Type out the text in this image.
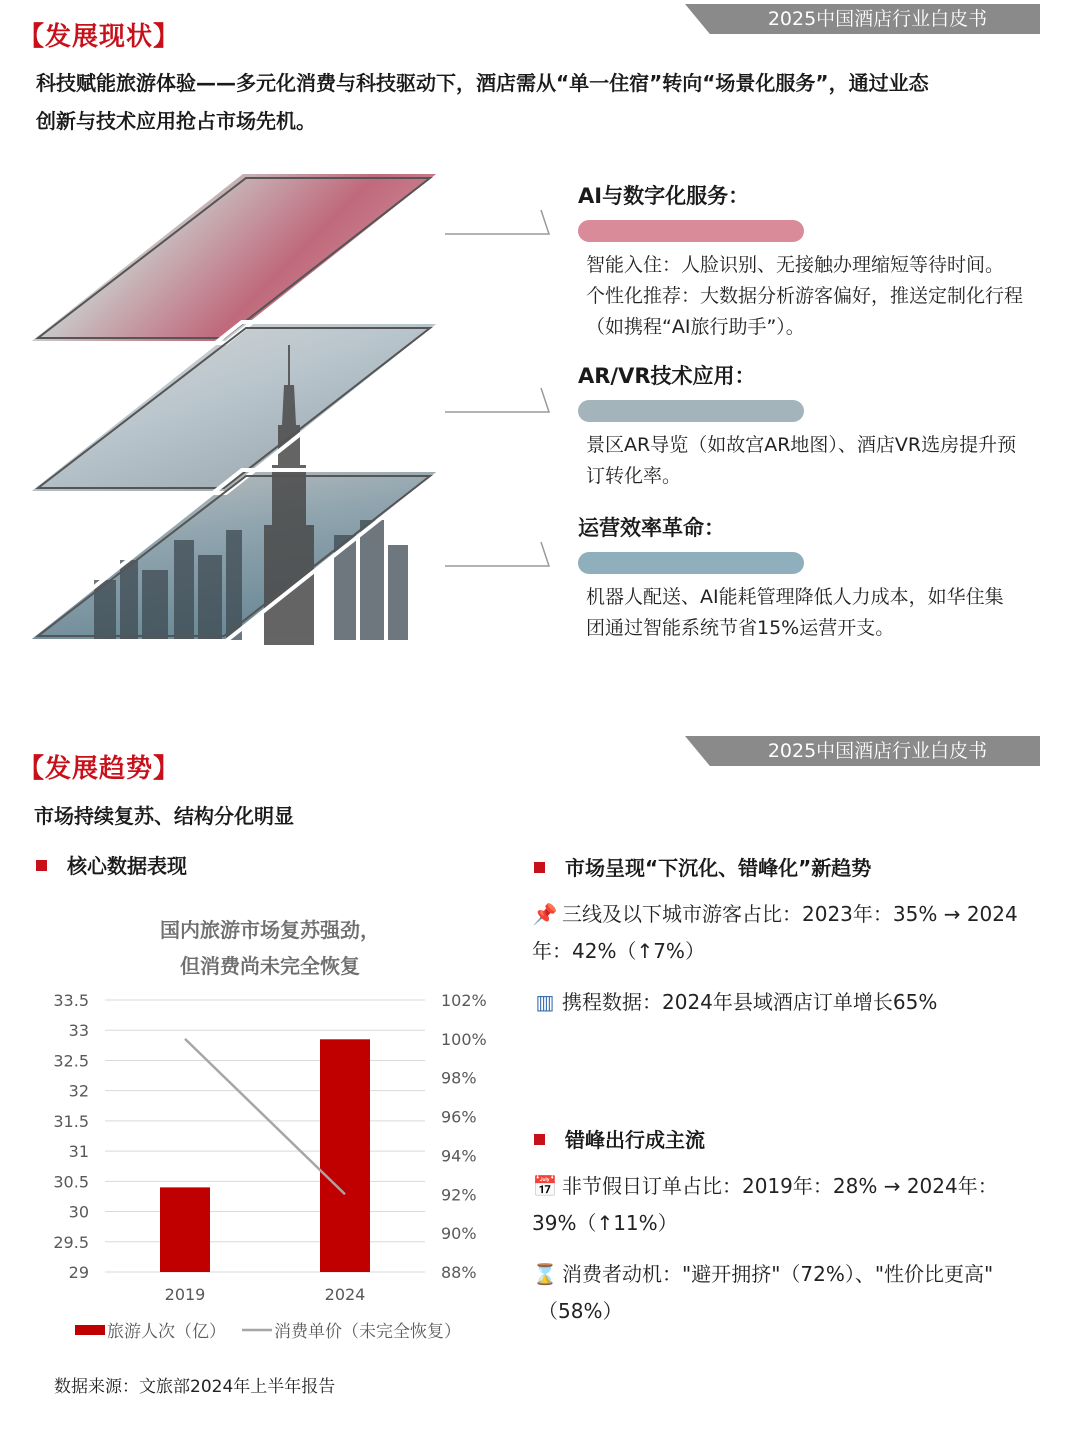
2025中国酒店行业白皮书
【发展现状】
科技赋能旅游体验——多元化消费与科技驱动下，酒店需从“单一住宿”转向“场景化服务”，通过业态
创新与技术应用抢占市场先机。
AI与数字化服务：
智能入住：人脸识别、无接触办理缩短等待时间。
个性化推荐：大数据分析游客偏好，推送定制化行程
（如携程“AI旅行助手”）。
AR/VR技术应用：
景区AR导览（如故宫AR地图）、酒店VR选房提升预
订转化率。
运营效率革命：
机器人配送、AI能耗管理降低人力成本，如华住集
团通过智能系统节省15%运营开支。
2025中国酒店行业白皮书
【发展趋势】
市场持续复苏、结构分化明显
核心数据表现
国内旅游市场复苏强劲，
但消费尚未完全恢复
29
29.5
30
30.5
31
31.5
32
32.5
33
33.5
88%
90%
92%
94%
96%
98%
100%
102%
2019	2024
旅游人次（亿）	消费单价（未完全恢复）
数据来源：文旅部2024年上半年报告
市场呈现“下沉化、错峰化”新趋势
📌 三线及以下城市游客占比：2023年：35% → 2024
年：42%（↑7%）
▥ 携程数据：2024年县域酒店订单增长65%
错峰出行成主流
📅 非节假日订单占比：2019年：28% → 2024年：
39%（↑11%）
⌛ 消费者动机："避开拥挤"（72%）、"性价比更高"
（58%）
